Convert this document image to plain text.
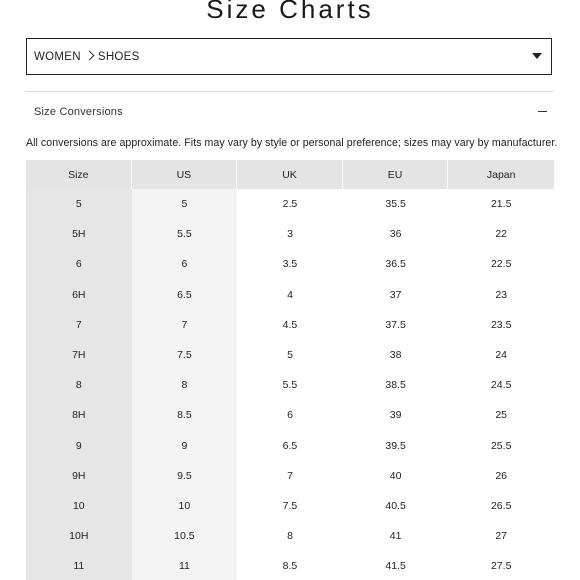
Size Charts
WOMEN SHOES
Size Conversions
All conversions are approximate. Fits may vary by style or personal preference; sizes may vary by manufacturer.
Size	US	UK	EU	Japan
5	5	2.5	35.5	21.5
5H	5.5	3	36	22
6	6	3.5	36.5	22.5
6H	6.5	4	37	23
7	7	4.5	37.5	23.5
7H	7.5	5	38	24
8	8	5.5	38.5	24.5
8H	8.5	6	39	25
9	9	6.5	39.5	25.5
9H	9.5	7	40	26
10	10	7.5	40.5	26.5
10H	10.5	8	41	27
11	11	8.5	41.5	27.5
